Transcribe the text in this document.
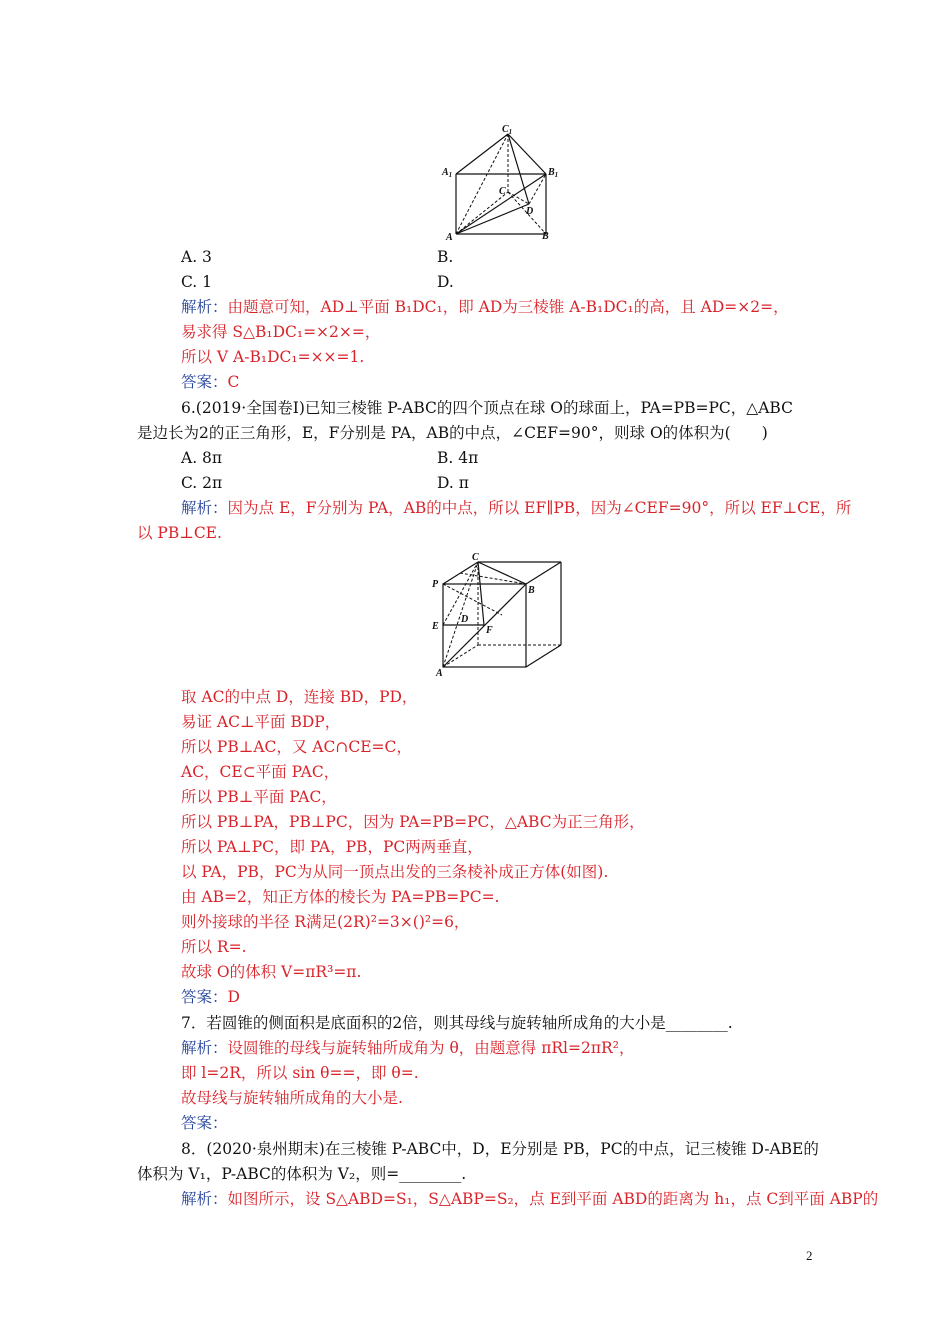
$C_1$
$A_1$	$B_1$
C
D
A	B
A. 3	B.
C. 1	D.
解析：由题意可知，AD⊥平面 B₁DC₁，即 AD为三棱锥 A-B₁DC₁的高，且 AD=×2=，
易求得 S△B₁DC₁=×2×=，
所以 V A-B₁DC₁=××=1.
答案：C
6.(2019·全国卷Ⅰ)已知三棱锥 P-ABC的四个顶点在球 O的球面上，PA=PB=PC，△ABC
是边长为2的正三角形，E，F分别是 PA，AB的中点，∠CEF=90°，则球 O的体积为(　　)
A. 8π	B. 4π
C. 2π	D. π
解析：因为点 E，F分别为 PA，AB的中点，所以 EF∥PB，因为∠CEF=90°，所以 EF⊥CE，所
以 PB⊥CE.
C
P
B
E
D
F
A
取 AC的中点 D，连接 BD，PD，
易证 AC⊥平面 BDP，
所以 PB⊥AC，又 AC∩CE=C，
AC，CE⊂平面 PAC，
所以 PB⊥平面 PAC，
所以 PB⊥PA，PB⊥PC，因为 PA=PB=PC，△ABC为正三角形，
所以 PA⊥PC，即 PA，PB，PC两两垂直，
以 PA，PB，PC为从同一顶点出发的三条棱补成正方体(如图).
由 AB=2，知正方体的棱长为 PA=PB=PC=.
则外接球的半径 R满足(2R)²=3×()²=6，
所以 R=.
故球 O的体积 V=πR³=π.
答案：D
7．若圆锥的侧面积是底面积的2倍，则其母线与旋转轴所成角的大小是________.
解析：设圆锥的母线与旋转轴所成角为 θ，由题意得 πRl=2πR²，
即 l=2R，所以 sin θ==，即 θ=.
故母线与旋转轴所成角的大小是.
答案：
8．(2020·泉州期末)在三棱锥 P-ABC中，D，E分别是 PB，PC的中点，记三棱锥 D-ABE的
体积为 V₁，P-ABC的体积为 V₂，则=________.
解析：如图所示，设 S△ABD=S₁，S△ABP=S₂，点 E到平面 ABD的距离为 h₁，点 C到平面 ABP的
2
